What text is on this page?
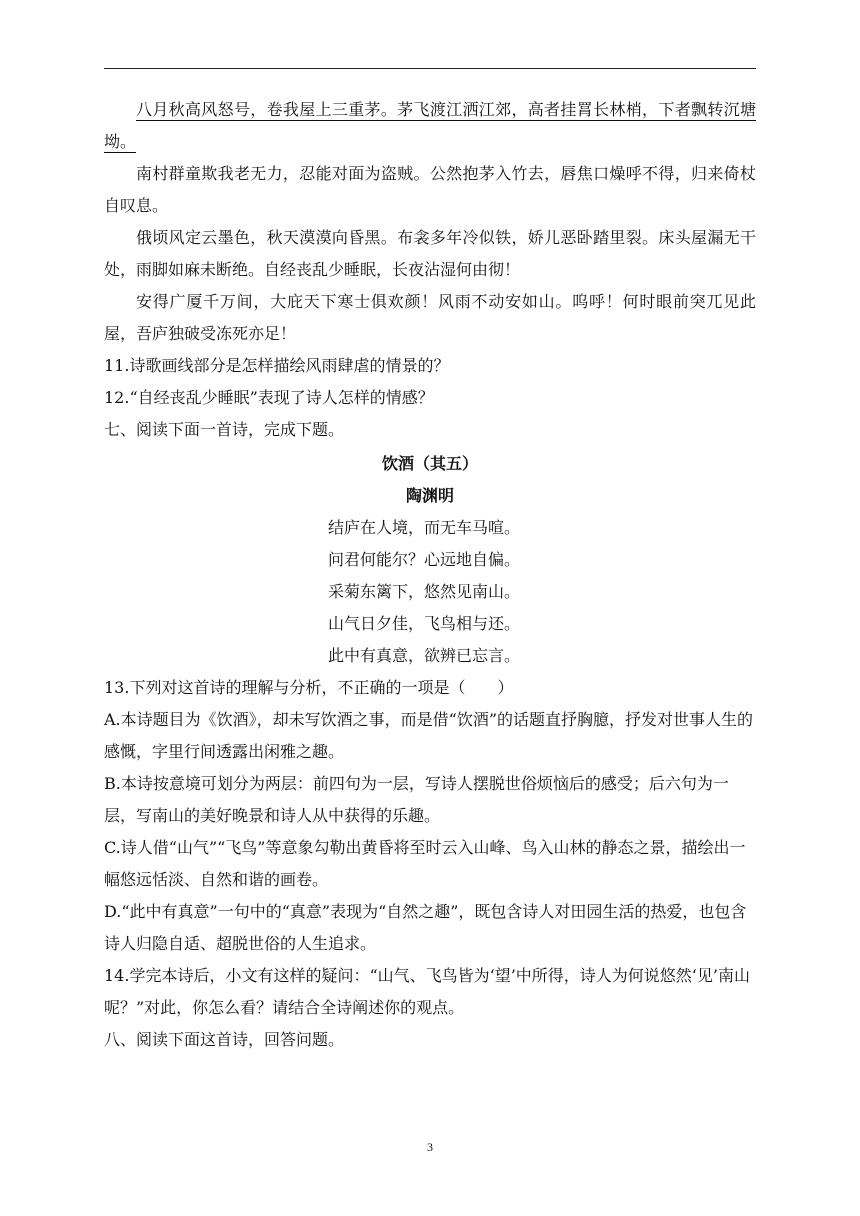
八月秋高风怒号，卷我屋上三重茅。茅飞渡江洒江郊，高者挂罥长林梢，下者飘转沉塘坳。

南村群童欺我老无力，忍能对面为盗贼。公然抱茅入竹去，唇焦口燥呼不得，归来倚杖自叹息。

俄顷风定云墨色，秋天漠漠向昏黑。布衾多年冷似铁，娇儿恶卧踏里裂。床头屋漏无干处，雨脚如麻未断绝。自经丧乱少睡眠，长夜沾湿何由彻！

安得广厦千万间，大庇天下寒士俱欢颜！风雨不动安如山。呜呼！何时眼前突兀见此屋，吾庐独破受冻死亦足！

11.诗歌画线部分是怎样描绘风雨肆虐的情景的？

12.“自经丧乱少睡眠”表现了诗人怎样的情感？

七、阅读下面一首诗，完成下题。

饮酒（其五）

陶渊明

结庐在人境，而无车马喧。

问君何能尔？心远地自偏。

采菊东篱下，悠然见南山。

山气日夕佳，飞鸟相与还。

此中有真意，欲辨已忘言。

13.下列对这首诗的理解与分析，不正确的一项是（　　）

A.本诗题目为《饮酒》，却未写饮酒之事，而是借“饮酒”的话题直抒胸臆，抒发对世事人生的感慨，字里行间透露出闲雅之趣。

B.本诗按意境可划分为两层：前四句为一层，写诗人摆脱世俗烦恼后的感受；后六句为一层，写南山的美好晚景和诗人从中获得的乐趣。

C.诗人借“山气”“飞鸟”等意象勾勒出黄昏将至时云入山峰、鸟入山林的静态之景，描绘出一幅悠远恬淡、自然和谐的画卷。

D.“此中有真意”一句中的“真意”表现为“自然之趣”，既包含诗人对田园生活的热爱，也包含诗人归隐自适、超脱世俗的人生追求。

14.学完本诗后，小文有这样的疑问：“山气、飞鸟皆为‘望’中所得，诗人为何说悠然‘见’南山呢？”对此，你怎么看？请结合全诗阐述你的观点。

八、阅读下面这首诗，回答问题。

3
